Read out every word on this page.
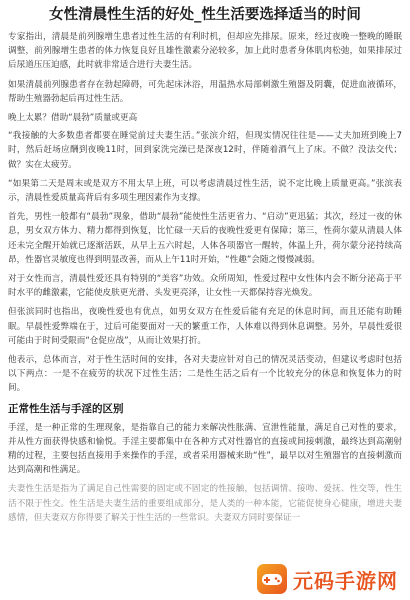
女性清晨性生活的好处_性生活要选择适当的时间

专家指出，清晨是前列腺增生患者过性生活的有利时机，但却应先排尿。原来，经过夜晚一整晚的睡眠调整，前列腺增生患者的体力恢复良好且雄性激素分泌较多，加上此时患者身体肌肉松弛，如果排尿过后尿道压压迫感，此时就非常适合进行夫妻生活。

如果清晨前列腺患者存在勃起障碍，可先起床沐浴，用温热水局部刺激生殖器及阴囊，促进血液循环，帮助生殖器勃起后再过性生活。

晚上太累？借助“晨勃”质量或更高

“我接触的大多数患者都要在睡觉前过夫妻生活。”张滨介绍，但现实情况往往是——丈夫加班到晚上7时，然后赶场应酬到夜晚11时，回到家洗完澡已是深夜12时，伴随着酒气上了床。不做？没法交代；做？实在太疲劳。

“如果第二天是周末或是双方不用太早上班，可以考虑清晨过性生活，说不定比晚上质量更高。”张滨表示，清晨性爱质量高背后有多项生理因素作为支撑。

首先，男性一般都有“晨勃”现象，借助“晨勃”能使性生活更省力、“启动”更迅猛；其次，经过一夜的休息，男女双方体力、精力都得到恢复，比忙碌一天后的夜晚性爱更有保障；第三，性荷尔蒙从清晨人体还未完全醒开始就已逐渐活跃，从早上五六时起，人体各项器官一醒转，体温上升，荷尔蒙分泌持续高昂，性器官灵敏度也得到明显改善，而从上午11时开始，“性趣”会随之慢慢减弱。

对于女性而言，清晨性爱还具有特别的“美容”功效。众所周知，性爱过程中女性体内会不断分泌高于平时水平的雌激素，它能使皮肤更光滑、头发更亮泽，让女性一天都保持容光焕发。

但张滨同时也指出，夜晚性爱也有优点，如男女双方在性爱后能有充足的休息时间，而且还能有助睡眠。早晨性爱弊端在于，过后可能要面对一天的繁重工作，人体难以得到休息调整。另外，早晨性爱很可能由于时间受限而“仓促应战”，从而让效果打折。

他表示，总体而言，对于性生活时间的安排，各对夫妻应针对自己的情况灵活变动，但建议考虑时包括以下两点：一是不在疲劳的状况下过性生活；二是性生活之后有一个比较充分的休息和恢复体力的时间。

正常性生活与手淫的区别

手淫，是一种正常的生理现象，是指靠自己的能力来解决性胀满、宣泄性能量，满足自己对性的要求，并从性方面获得快感和愉悦。手淫主要都集中在各种方式对性器官的直接或间接刺激，最终达到高潮射精的过程，主要包括直接用手来操作的手淫，或者采用器械来助“性”，最早以对生殖器官的直接刺激而达到高潮和性满足。

夫妻性生活是指为了满足自己性需要的固定或不固定的性接触，包括调情、接吻、爱抚、性交等，性生活不限于性交。性生活是夫妻生活的重要组成部分，是人类的一种本能，它能促使身心健康，增进夫妻感情，但夫妻双方你得要了解关于性生活的一些常识。夫妻双方同时要保证一

元码手游网
